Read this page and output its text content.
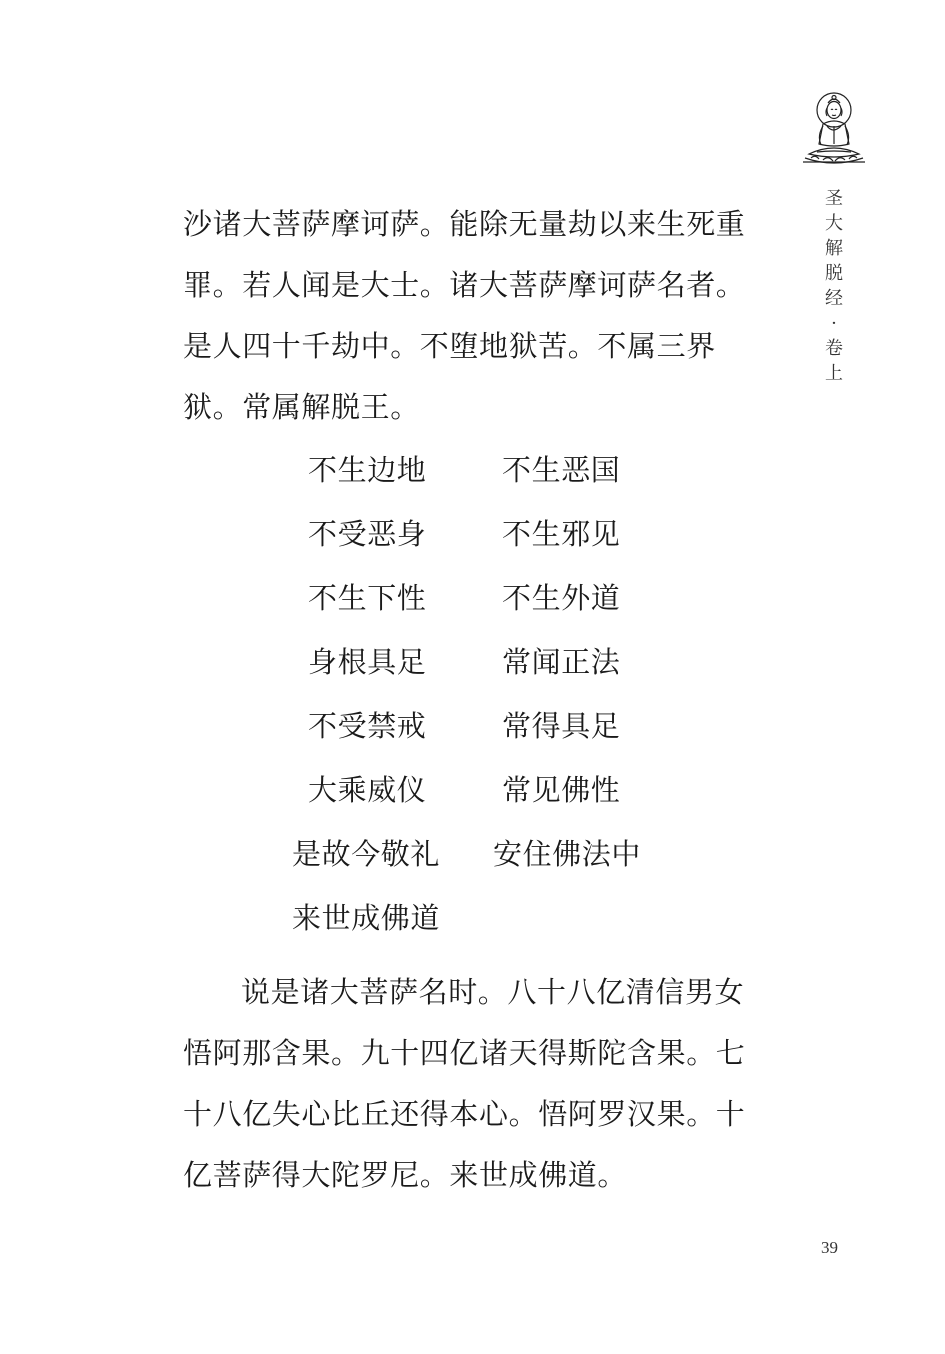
圣
大
解
脱
经
·
卷
上

沙诸大菩萨摩诃萨。能除无量劫以来生死重罪。若人闻是大士。诸大菩萨摩诃萨名者。是人四十千劫中。不堕地狱苦。不属三界狱。常属解脱王。

不生边地	不生恶国
不受恶身	不生邪见
不生下性	不生外道
身根具足	常闻正法
不受禁戒	常得具足
大乘威仪	常见佛性
是故今敬礼 安住佛法中
来世成佛道

说是诸大菩萨名时。八十八亿清信男女悟阿那含果。九十四亿诸天得斯陀含果。七十八亿失心比丘还得本心。悟阿罗汉果。十亿菩萨得大陀罗尼。来世成佛道。

39
